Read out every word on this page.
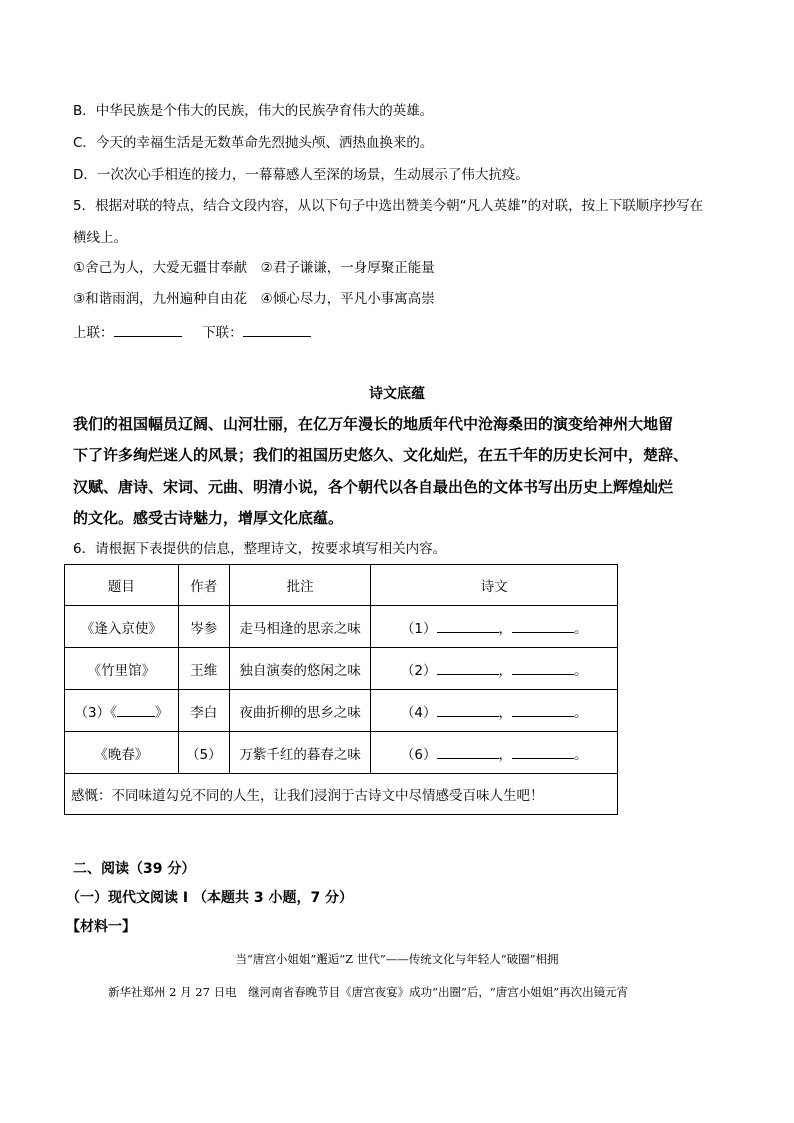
B．中华民族是个伟大的民族，伟大的民族孕育伟大的英雄。
C．今天的幸福生活是无数革命先烈抛头颅、洒热血换来的。
D．一次次心手相连的接力，一幕幕感人至深的场景，生动展示了伟大抗疫。
5．根据对联的特点，结合文段内容，从以下句子中选出赞美今朝“凡人英雄”的对联，按上下联顺序抄写在
横线上。
①舍己为人，大爱无疆甘奉献　②君子谦谦，一身厚聚正能量
③和谐雨润，九州遍种自由花　④倾心尽力，平凡小事寓高崇
上联：	下联：
诗文底蕴
我们的祖国幅员辽阔、山河壮丽，在亿万年漫长的地质年代中沧海桑田的演变给神州大地留
下了许多绚烂迷人的风景；我们的祖国历史悠久、文化灿烂，在五千年的历史长河中，楚辞、
汉赋、唐诗、宋词、元曲、明清小说，各个朝代以各自最出色的文体书写出历史上辉煌灿烂
的文化。感受古诗魅力，增厚文化底蕴。
6．请根据下表提供的信息，整理诗文，按要求填写相关内容。
题目	作者	批注	诗文
《逢入京使》	岑参	走马相逢的思亲之味	（1） ， 。
《竹里馆》	王维	独自演奏的悠闲之味	（2） ， 。
（3）《 》	李白	夜曲折柳的思乡之味	（4） ， 。
《晚春》	（5）	万紫千红的暮春之味	（6） ， 。
感慨：不同味道勾兑不同的人生，让我们浸润于古诗文中尽情感受百味人生吧！			
二、阅读（39 分）
（一）现代文阅读 I （本题共 3 小题，7 分）
【材料一】
当“唐宫小姐姐”邂逅“Z 世代”——传统文化与年轻人“破圈”相拥
新华社郑州 2 月 27 日电　继河南省春晚节目《唐宫夜宴》成功“出圈”后，“唐宫小姐姐”再次出镜元宵
